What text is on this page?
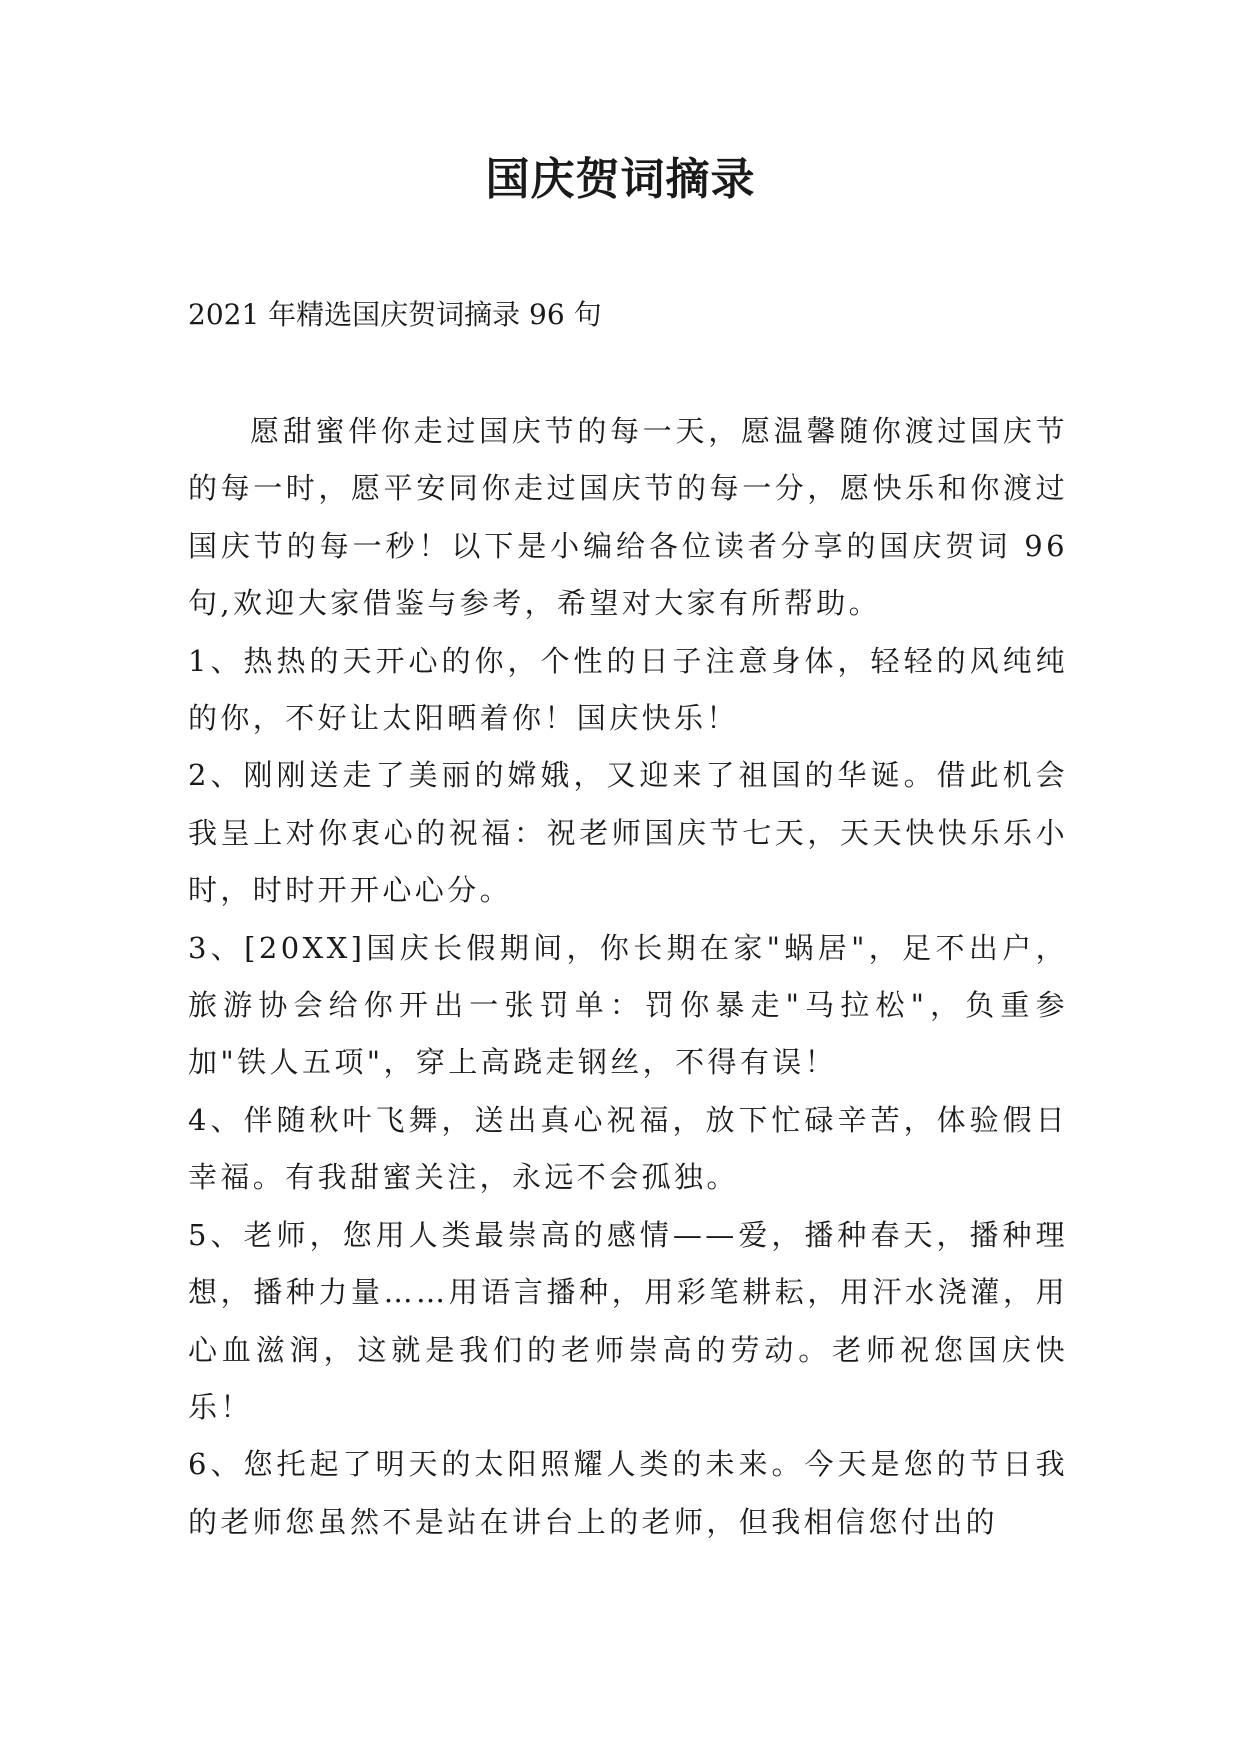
国庆贺词摘录
2021 年精选国庆贺词摘录 96 句

愿甜蜜伴你走过国庆节的每一天，愿温馨随你渡过国庆节的每一时，愿平安同你走过国庆节的每一分，愿快乐和你渡过国庆节的每一秒！以下是小编给各位读者分享的国庆贺词 96 句,欢迎大家借鉴与参考，希望对大家有所帮助。

1、热热的天开心的你，个性的日子注意身体，轻轻的风纯纯的你，不好让太阳晒着你！国庆快乐！

2、刚刚送走了美丽的嫦娥，又迎来了祖国的华诞。借此机会我呈上对你衷心的祝福：祝老师国庆节七天，天天快快乐乐小时，时时开开心心分。

3、[20XX]国庆长假期间，你长期在家"蜗居"，足不出户，旅游协会给你开出一张罚单：罚你暴走"马拉松"，负重参加"铁人五项"，穿上高跷走钢丝，不得有误！

4、伴随秋叶飞舞，送出真心祝福，放下忙碌辛苦，体验假日幸福。有我甜蜜关注，永远不会孤独。

5、老师，您用人类最崇高的感情——爱，播种春天，播种理想，播种力量……用语言播种，用彩笔耕耘，用汗水浇灌，用心血滋润，这就是我们的老师崇高的劳动。老师祝您国庆快乐！

6、您托起了明天的太阳照耀人类的未来。今天是您的节日我的老师您虽然不是站在讲台上的老师，但我相信您付出的
